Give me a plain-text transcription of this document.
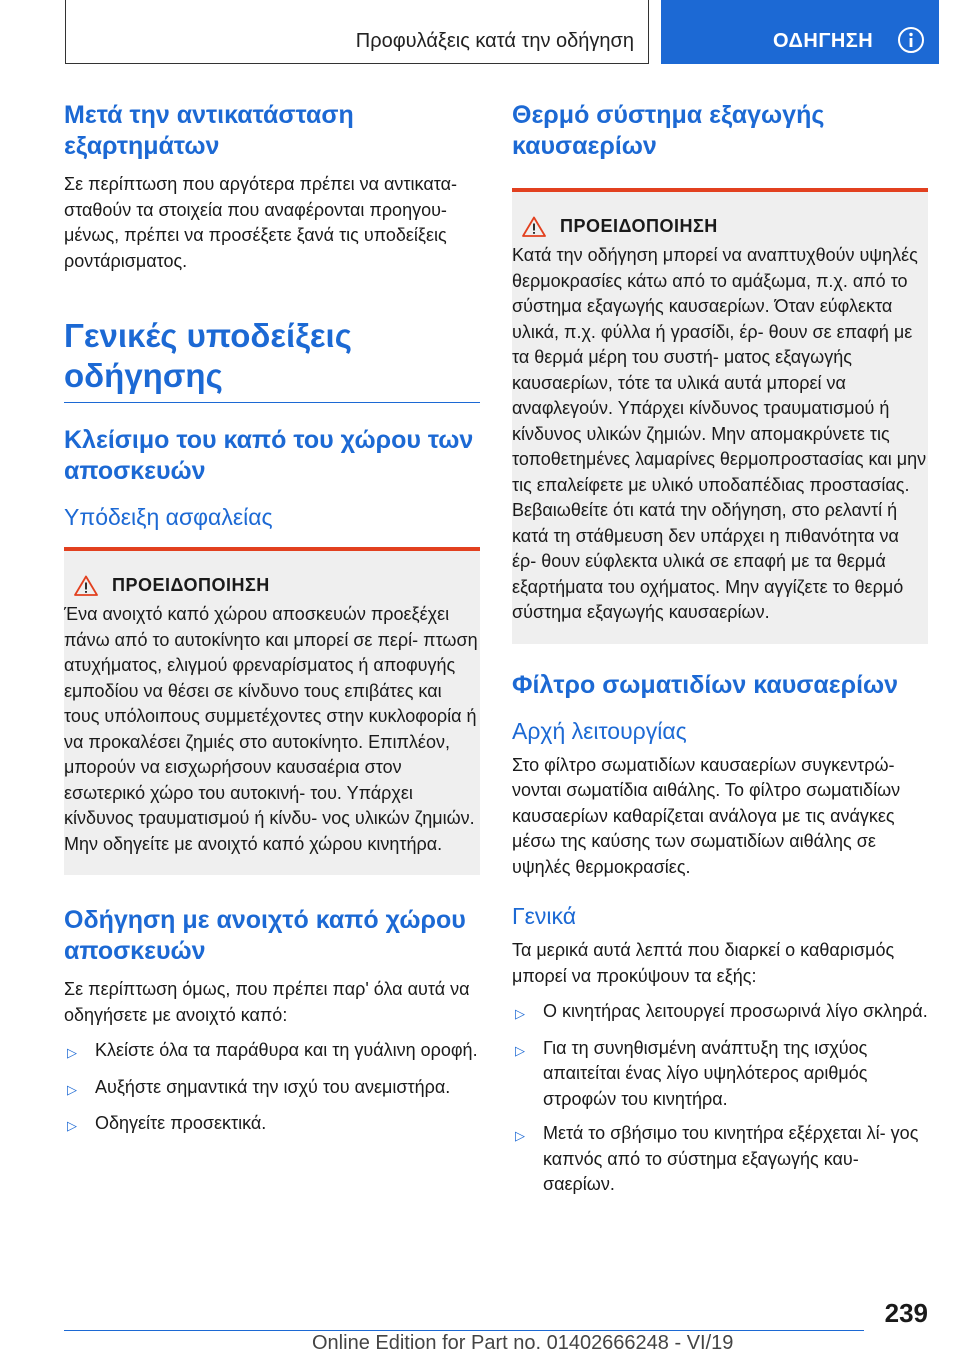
Προφυλάξεις κατά την οδήγηση	ΟΔΗΓΗΣΗ
Μετά την αντικατάσταση εξαρτημάτων

Σε περίπτωση που αργότερα πρέπει να αντικατα- σταθούν τα στοιχεία που αναφέρονται προηγου- μένως, πρέπει να προσέξετε ξανά τις υποδείξεις ροντάρισματος.

Γενικές υποδείξεις οδήγησης
Κλείσιμο του καπό του χώρου των αποσκευών
Υπόδειξη ασφαλείας
ΠΡΟΕΙΔΟΠΟΙΗΣΗ

Ένα ανοιχτό καπό χώρου αποσκευών προεξέχει πάνω από το αυτοκίνητο και μπορεί σε περί- πτωση ατυχήματος, ελιγμού φρεναρίσματος ή αποφυγής εμποδίου να θέσει σε κίνδυνο τους επιβάτες και τους υπόλοιπους συμμετέχοντες στην κυκλοφορία ή να προκαλέσει ζημιές στο αυτοκίνητο. Επιπλέον, μπορούν να εισχωρήσουν καυσαέρια στον εσωτερικό χώρο του αυτοκινή- του. Υπάρχει κίνδυνος τραυματισμού ή κίνδυ- νος υλικών ζημιών. Μην οδηγείτε με ανοιχτό καπό χώρου κινητήρα.

Οδήγηση με ανοιχτό καπό χώρου αποσκευών

Σε περίπτωση όμως, που πρέπει παρ' όλα αυτά να οδηγήσετε με ανοιχτό καπό:

▷	Κλείστε όλα τα παράθυρα και τη γυάλινη οροφή.
▷	Αυξήστε σημαντικά την ισχύ του ανεμιστήρα.
▷	Οδηγείτε προσεκτικά.
Θερμό σύστημα εξαγωγής καυσαερίων
ΠΡΟΕΙΔΟΠΟΙΗΣΗ

Κατά την οδήγηση μπορεί να αναπτυχθούν υψηλές θερμοκρασίες κάτω από το αμάξωμα, π.χ. από το σύστημα εξαγωγής καυσαερίων. Όταν εύφλεκτα υλικά, π.χ. φύλλα ή γρασίδι, έρ- θουν σε επαφή με τα θερμά μέρη του συστή- ματος εξαγωγής καυσαερίων, τότε τα υλικά αυτά μπορεί να αναφλεγούν. Υπάρχει κίνδυνος τραυματισμού ή κίνδυνος υλικών ζημιών. Μην απομακρύνετε τις τοποθετημένες λαμαρίνες θερμοπροστασίας και μην τις επαλείφετε με υλικό υποδαπέδιας προστασίας. Βεβαιωθείτε ότι κατά την οδήγηση, στο ρελαντί ή κατά τη στάθμευση δεν υπάρχει η πιθανότητα να έρ- θουν εύφλεκτα υλικά σε επαφή με τα θερμά εξαρτήματα του οχήματος. Μην αγγίζετε το θερμό σύστημα εξαγωγής καυσαερίων.

Φίλτρο σωματιδίων καυσαερίων
Αρχή λειτουργίας

Στο φίλτρο σωματιδίων καυσαερίων συγκεντρώ- νονται σωματίδια αιθάλης. Το φίλτρο σωματιδίων καυσαερίων καθαρίζεται ανάλογα με τις ανάγκες μέσω της καύσης των σωματιδίων αιθάλης σε υψηλές θερμοκρασίες.

Γενικά

Τα μερικά αυτά λεπτά που διαρκεί ο καθαρισμός μπορεί να προκύψουν τα εξής:

▷	Ο κινητήρας λειτουργεί προσωρινά λίγο σκληρά.
▷	Για τη συνηθισμένη ανάπτυξη της ισχύος απαιτείται ένας λίγο υψηλότερος αριθμός στροφών του κινητήρα.
▷	Μετά το σβήσιμο του κινητήρα εξέρχεται λί- γος καπνός από το σύστημα εξαγωγής καυ- σαερίων.
239
Online Edition for Part no. 01402666248 - VI/19
